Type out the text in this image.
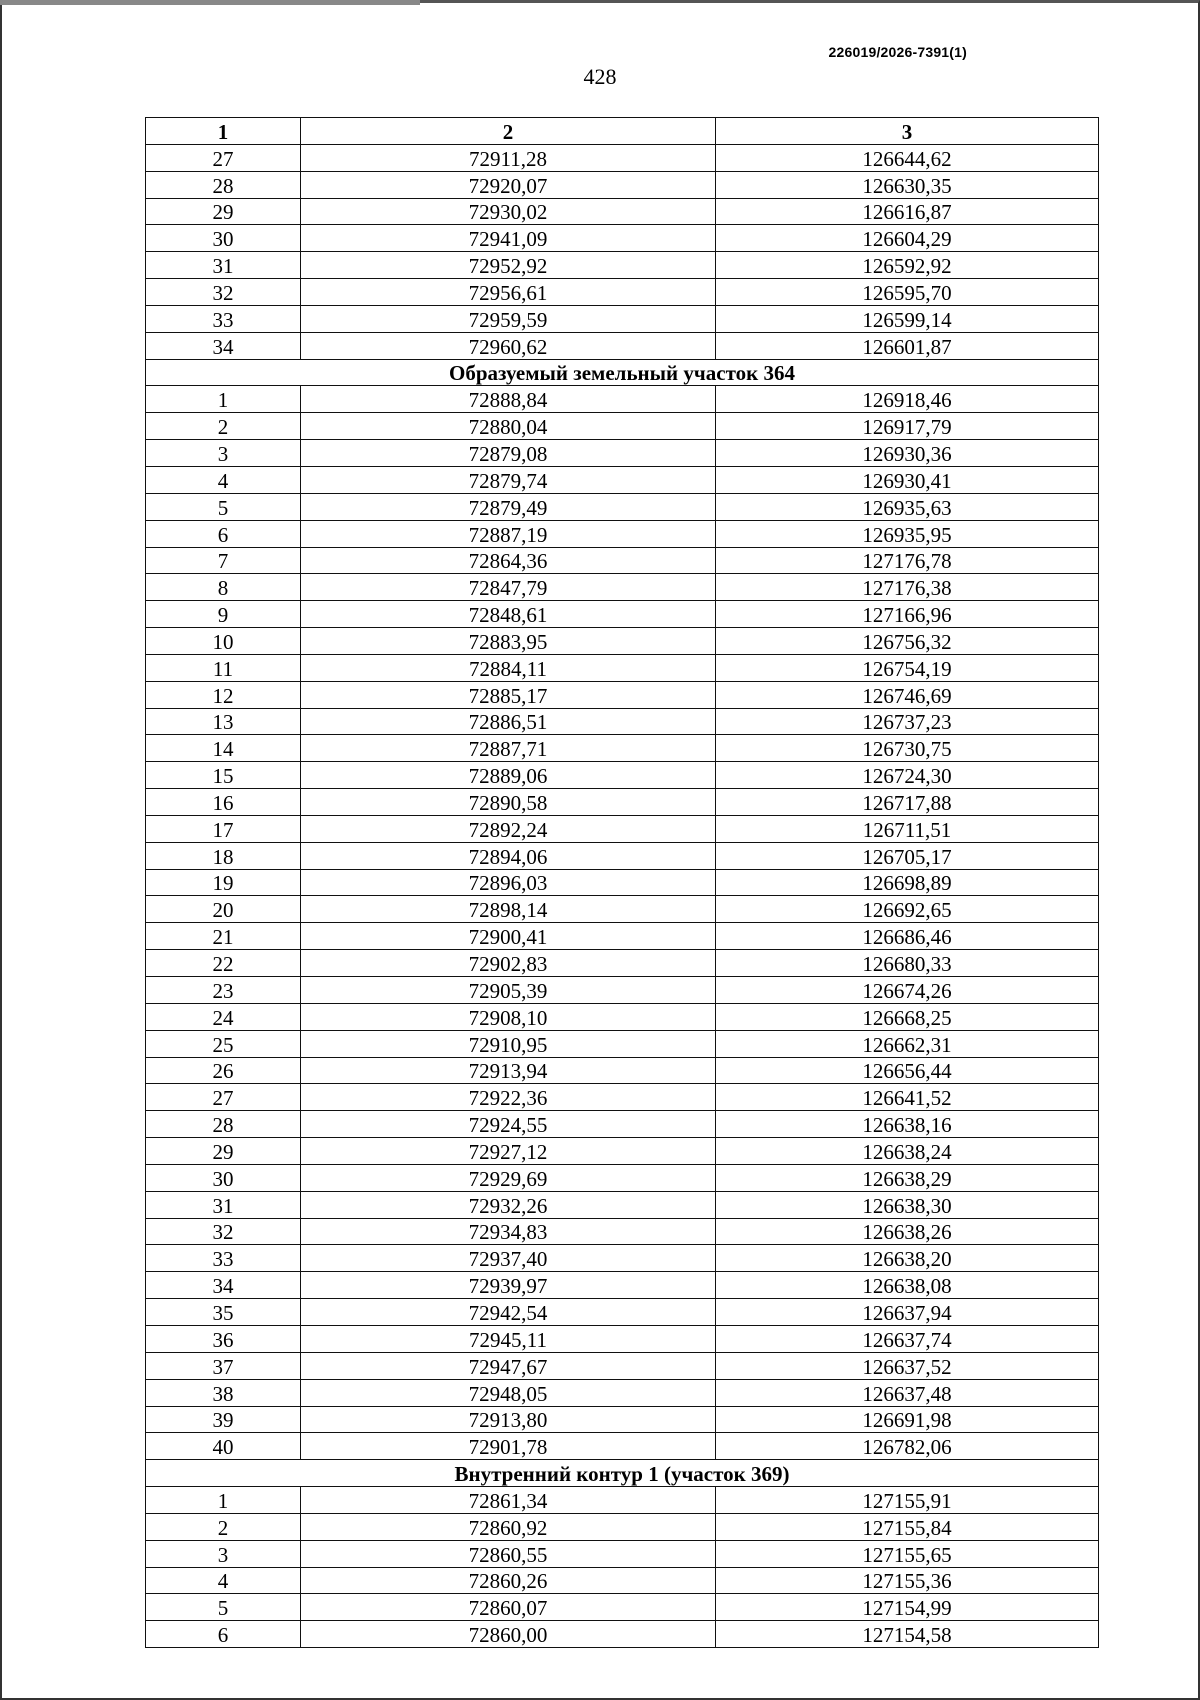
226019/2026-7391(1)
428
1	2	3
27	72911,28	126644,62
28	72920,07	126630,35
29	72930,02	126616,87
30	72941,09	126604,29
31	72952,92	126592,92
32	72956,61	126595,70
33	72959,59	126599,14
34	72960,62	126601,87
Образуемый земельный участок 364		
1	72888,84	126918,46
2	72880,04	126917,79
3	72879,08	126930,36
4	72879,74	126930,41
5	72879,49	126935,63
6	72887,19	126935,95
7	72864,36	127176,78
8	72847,79	127176,38
9	72848,61	127166,96
10	72883,95	126756,32
11	72884,11	126754,19
12	72885,17	126746,69
13	72886,51	126737,23
14	72887,71	126730,75
15	72889,06	126724,30
16	72890,58	126717,88
17	72892,24	126711,51
18	72894,06	126705,17
19	72896,03	126698,89
20	72898,14	126692,65
21	72900,41	126686,46
22	72902,83	126680,33
23	72905,39	126674,26
24	72908,10	126668,25
25	72910,95	126662,31
26	72913,94	126656,44
27	72922,36	126641,52
28	72924,55	126638,16
29	72927,12	126638,24
30	72929,69	126638,29
31	72932,26	126638,30
32	72934,83	126638,26
33	72937,40	126638,20
34	72939,97	126638,08
35	72942,54	126637,94
36	72945,11	126637,74
37	72947,67	126637,52
38	72948,05	126637,48
39	72913,80	126691,98
40	72901,78	126782,06
Внутренний контур 1 (участок 369)		
1	72861,34	127155,91
2	72860,92	127155,84
3	72860,55	127155,65
4	72860,26	127155,36
5	72860,07	127154,99
6	72860,00	127154,58
